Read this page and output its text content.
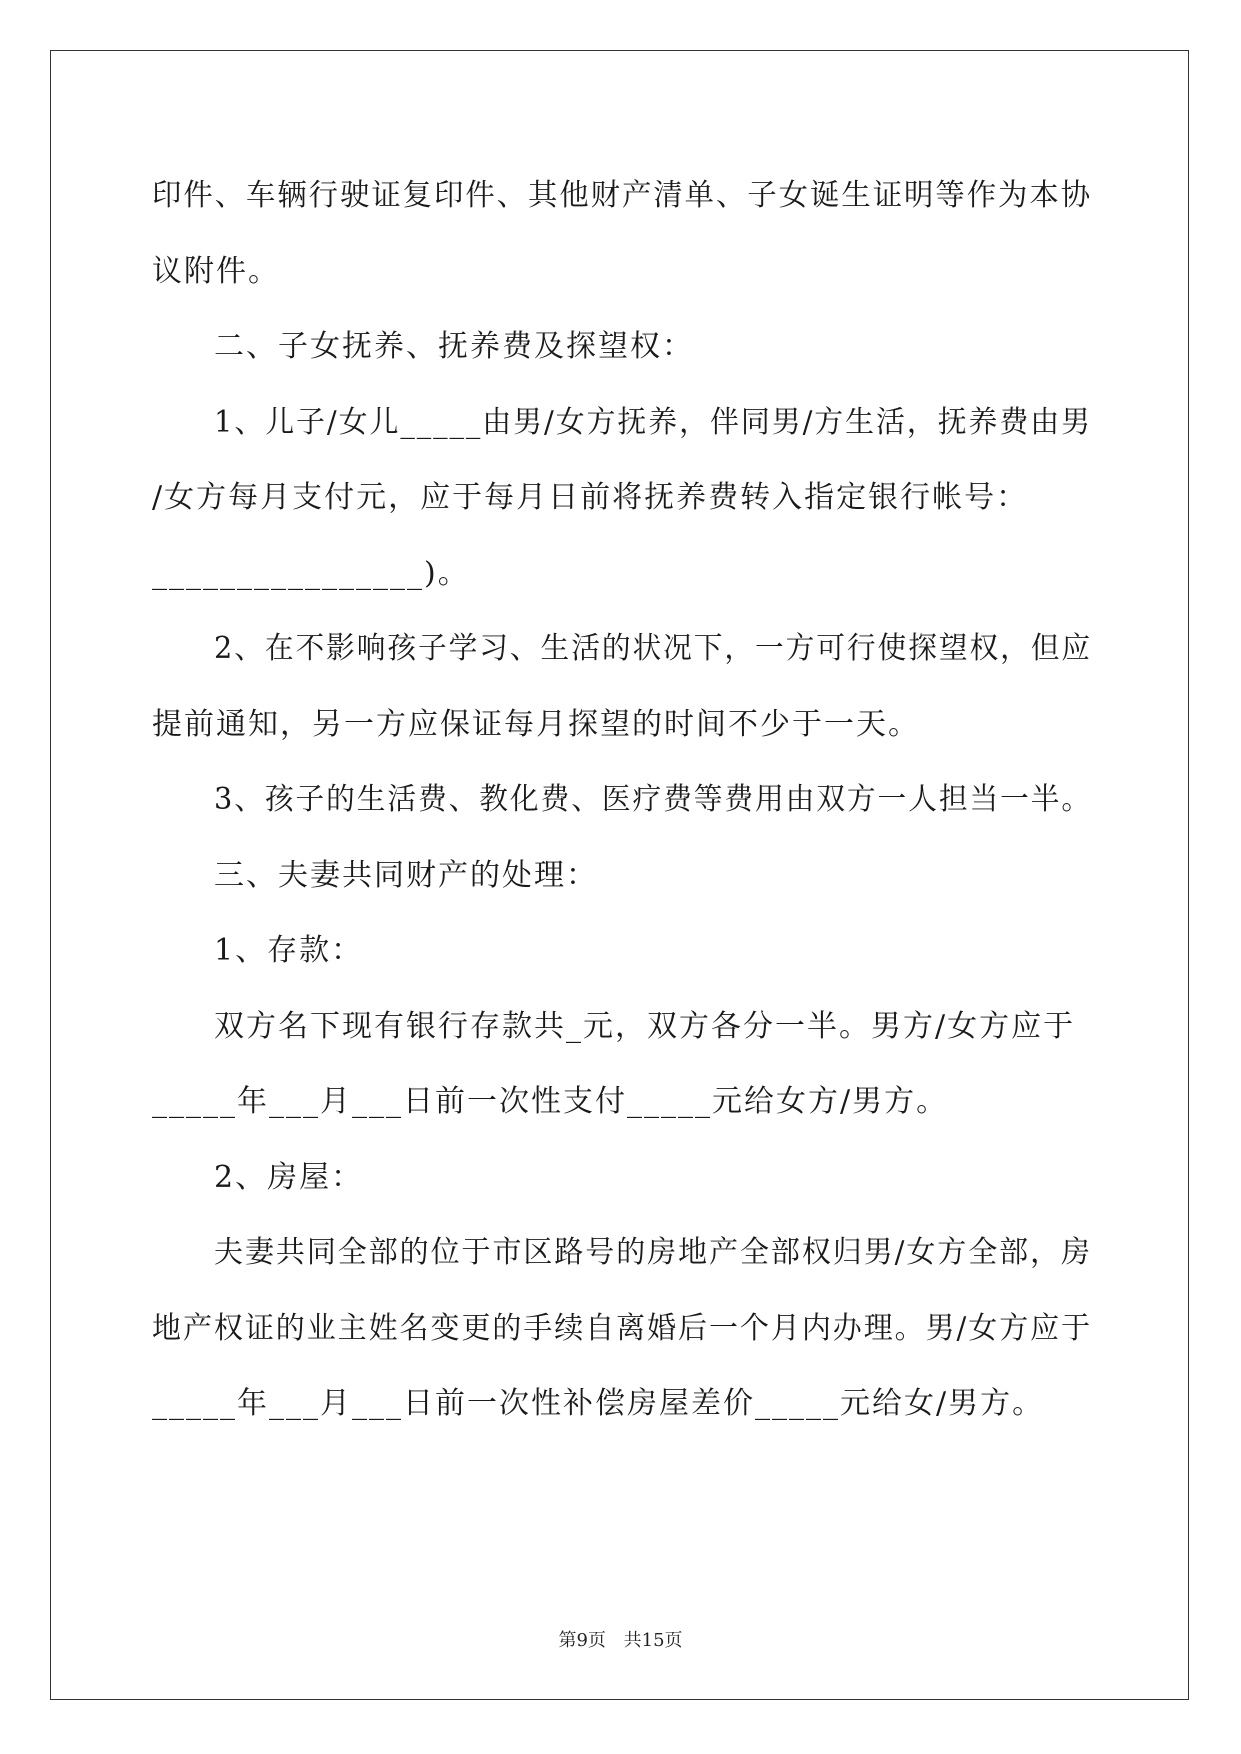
印件、车辆行驶证复印件、其他财产清单、子女诞生证明等作为本协
议附件。
二、子女抚养、抚养费及探望权：
1、儿子/女儿_____由男/女方抚养，伴同男/方生活，抚养费由男
/女方每月支付元，应于每月日前将抚养费转入指定银行帐号：
________________)。
2、在不影响孩子学习、生活的状况下，一方可行使探望权，但应
提前通知，另一方应保证每月探望的时间不少于一天。
3、孩子的生活费、教化费、医疗费等费用由双方一人担当一半。
三、夫妻共同财产的处理：
1、存款：
双方名下现有银行存款共_元，双方各分一半。男方/女方应于
_____年___月___日前一次性支付_____元给女方/男方。
2、房屋：
夫妻共同全部的位于市区路号的房地产全部权归男/女方全部，房
地产权证的业主姓名变更的手续自离婚后一个月内办理。男/女方应于
_____年___月___日前一次性补偿房屋差价_____元给女/男方。
第9页 共15页
